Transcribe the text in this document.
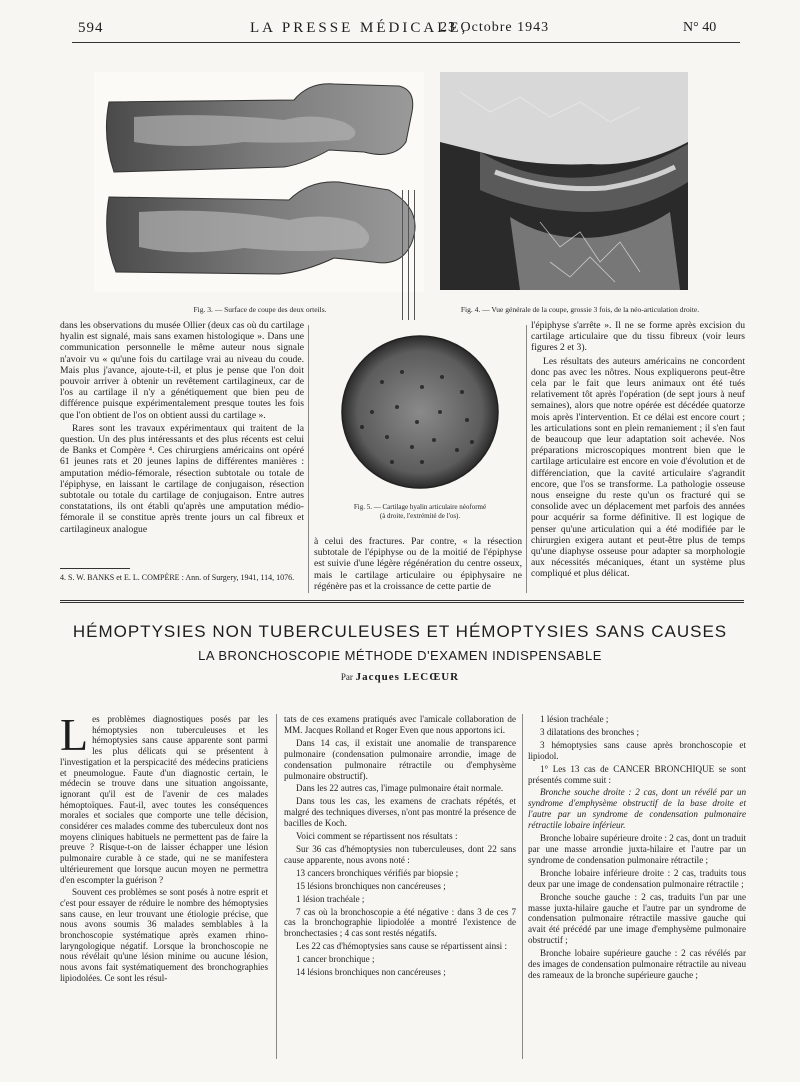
594	LA PRESSE MÉDICALE,
23 Octobre 1943	N° 40
Fig. 3. — Surface de coupe des deux orteils.	Fig. 4. — Vue générale de la coupe, grossie 3 fois, de la néo-articulation droite.

dans les observations du musée Ollier (deux cas où du cartilage hyalin est signalé, mais sans examen histologique ». Dans une communication personnelle le même auteur nous signale n'avoir vu « qu'une fois du cartilage vrai au niveau du coude. Mais plus j'avance, ajoute-t-il, et plus je pense que l'on doit pouvoir arriver à obtenir un revêtement cartilagineux, car de l'os au cartilage il n'y a génétiquement que bien peu de différence puisque expérimentalement presque toutes les fois que l'on obtient de l'os on obtient aussi du cartilage ».

Rares sont les travaux expérimentaux qui traitent de la question. Un des plus intéressants et des plus récents est celui de Banks et Compère ⁴. Ces chirurgiens américains ont opéré 61 jeunes rats et 20 jeunes lapins de différentes manières : amputation médio-fémorale, résection subtotale ou totale de l'épiphyse, en laissant le cartilage de conjugaison, résection subtotale ou totale du cartilage de conjugaison. Entre autres constatations, ils ont établi qu'après une amputation médio-fémorale il se constitue après trente jours un cal fibreux et cartilagineux analogue

4. S. W. BANKS et E. L. COMPÈRE : Ann. of Surgery, 1941, 114, 1076.
Fig. 5. — Cartilage hyalin articulaire néoformé
(à droite, l'extrémité de l'os).

à celui des fractures. Par contre, « la résection subtotale de l'épiphyse ou de la moitié de l'épiphyse est suivie d'une légère régénération du centre osseux, mais le cartilage articulaire ou épiphysaire ne régénère pas et la croissance de cette partie de

l'épiphyse s'arrête ». Il ne se forme après excision du cartilage articulaire que du tissu fibreux (voir leurs figures 2 et 3).

Les résultats des auteurs américains ne concordent donc pas avec les nôtres. Nous expliquerons peut-être cela par le fait que leurs animaux ont été tués relativement tôt après l'opération (de sept jours à neuf semaines), alors que notre opérée est décédée quatorze mois après l'intervention. Et ce délai est encore court ; les articulations sont en plein remaniement ; il s'en faut de beaucoup que leur adaptation soit achevée. Nos préparations microscopiques montrent bien que le cartilage articulaire est encore en voie d'évolution et de différenciation, que la cavité articulaire s'agrandit encore, que l'os se transforme. La pathologie osseuse nous enseigne du reste qu'un os fracturé qui se consolide avec un déplacement met parfois des années pour acquérir sa forme définitive. Il est logique de penser qu'une articulation qui a été modifiée par le chirurgien exigera autant et peut-être plus de temps qu'une diaphyse osseuse pour adapter sa morphologie aux nécessités mécaniques, étant un système plus compliqué et plus délicat.

HÉMOPTYSIES NON TUBERCULEUSES ET HÉMOPTYSIES SANS CAUSES
LA BRONCHOSCOPIE MÉTHODE D'EXAMEN INDISPENSABLE
Par Jacques LECŒUR

Les problèmes diagnostiques posés par les hémoptysies non tuberculeuses et les hémoptysies sans cause apparente sont parmi les plus délicats qui se présentent à l'investigation et la perspicacité des médecins praticiens et pneumologue. Faute d'un diagnostic certain, le médecin se trouve dans une situation angoissante, ignorant qu'il est de l'avenir de ces malades hémoptoïques. Faut-il, avec toutes les conséquences morales et sociales que comporte une telle décision, considérer ces malades comme des tuberculeux dont nos moyens cliniques habituels ne permettent pas de faire la preuve ? Risque-t-on de laisser échapper une lésion pulmonaire curable à ce stade, qui ne se manifestera ultérieurement que lorsque aucun moyen ne permettra d'en escompter la guérison ?

Souvent ces problèmes se sont posés à notre esprit et c'est pour essayer de réduire le nombre des hémoptysies sans cause, en leur trouvant une étiologie précise, que nous avons soumis 36 malades semblables à la bronchoscopie systématique après examen rhino-laryngologique négatif. Lorsque la bronchoscopie ne nous révélait qu'une lésion minime ou aucune lésion, nous avons fait systématiquement des bronchographies lipiodolées. Ce sont les résul-

tats de ces examens pratiqués avec l'amicale collaboration de MM. Jacques Rolland et Roger Even que nous apportons ici.

Dans 14 cas, il existait une anomalie de transparence pulmonaire (condensation pulmonaire arrondie, image de condensation pulmonaire rétractile ou d'emphysème pulmonaire obstructif).

Dans les 22 autres cas, l'image pulmonaire était normale.

Dans tous les cas, les examens de crachats répétés, et malgré des techniques diverses, n'ont pas montré la présence de bacilles de Koch.

Voici comment se répartissent nos résultats :

Sur 36 cas d'hémoptysies non tuberculeuses, dont 22 sans cause apparente, nous avons noté :

13 cancers bronchiques vérifiés par biopsie ;

15 lésions bronchiques non cancéreuses ;

1 lésion trachéale ;

7 cas où la bronchoscopie a été négative : dans 3 de ces 7 cas la bronchographie lipiodolée a montré l'existence de bronchectasies ; 4 cas sont restés négatifs.

Les 22 cas d'hémoptysies sans cause se répartissent ainsi :

1 cancer bronchique ;

14 lésions bronchiques non cancéreuses ;

1 lésion trachéale ;

3 dilatations des bronches ;

3 hémoptysies sans cause après bronchoscopie et lipiodol.

1° Les 13 cas de CANCER BRONCHIQUE se sont présentés comme suit :

Bronche souche droite : 2 cas, dont un révélé par un syndrome d'emphysème obstructif de la base droite et l'autre par un syndrome de condensation pulmonaire rétractile lobaire inférieur.

Bronche lobaire supérieure droite : 2 cas, dont un traduit par une masse arrondie juxta-hilaire et l'autre par un syndrome de condensation pulmonaire rétractile ;

Bronche lobaire inférieure droite : 2 cas, traduits tous deux par une image de condensation pulmonaire rétractile ;

Bronche souche gauche : 2 cas, traduits l'un par une masse juxta-hilaire gauche et l'autre par un syndrome de condensation pulmonaire rétractile massive gauche qui avait été précédé par une image d'emphysème pulmonaire obstructif ;

Bronche lobaire supérieure gauche : 2 cas révélés par des images de condensation pulmonaire rétractile au niveau des rameaux de la bronche supérieure gauche ;
